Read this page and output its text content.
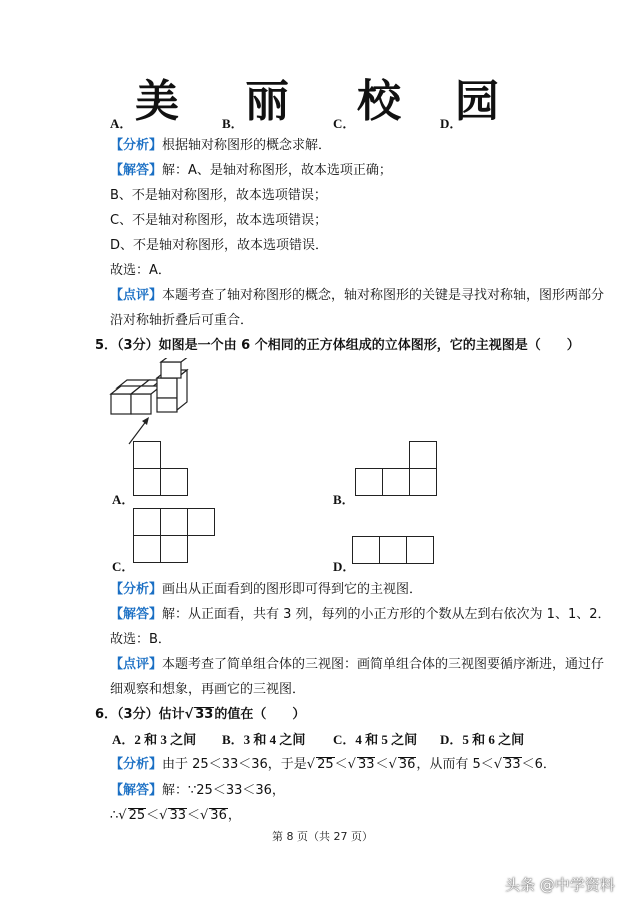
美 丽 校 园
A．	B．	C．	D．
【分析】根据轴对称图形的概念求解．
【解答】解：A、是轴对称图形，故本选项正确；
B、不是轴对称图形，故本选项错误；
C、不是轴对称图形，故本选项错误；
D、不是轴对称图形，故本选项错误．
故选：A．
【点评】本题考查了轴对称图形的概念，轴对称图形的关键是寻找对称轴，图形两部分
沿对称轴折叠后可重合．
5．（3分）如图是一个由 6 个相同的正方体组成的立体图形，它的主视图是（　　）
A．	B．
C．	D．
【分析】画出从正面看到的图形即可得到它的主视图．
【解答】解：从正面看，共有 3 列，每列的小正方形的个数从左到右依次为 1、1、2．
故选：B．
【点评】本题考查了简单组合体的三视图：画简单组合体的三视图要循序渐进，通过仔
细观察和想象，再画它的三视图．
6．（3分）估计√ 33的值在（　　）
A．2 和 3 之间 B．3 和 4 之间 C．4 和 5 之间 D．5 和 6 之间
【分析】由于 25＜33＜36，于是√ 25＜√ 33＜√ 36，从而有 5＜√ 33＜6．
【解答】解：∵25＜33＜36，
∴√ 25＜√ 33＜√ 36，
第 8 页（共 27 页）
头条 @中学资料
